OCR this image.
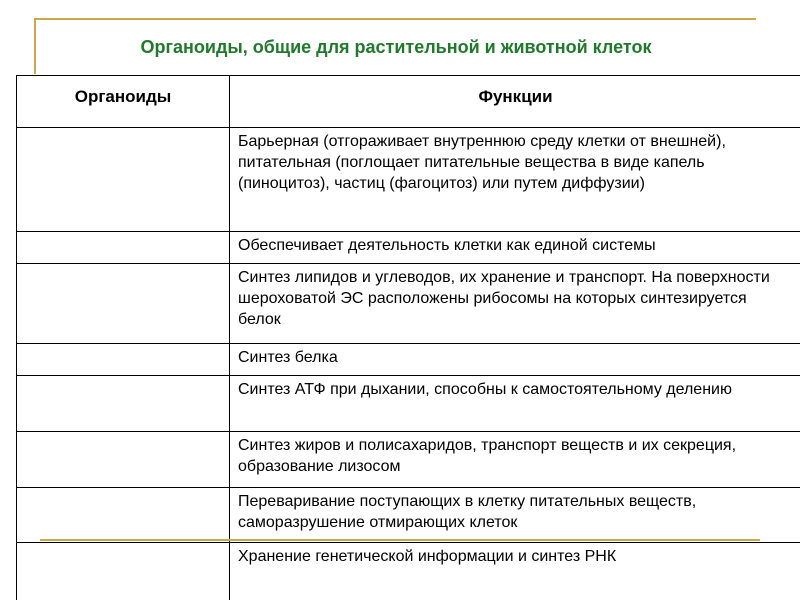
Органоиды, общие для растительной и животной клеток
Органоиды	Функции
	Барьерная (отгораживает внутреннюю среду клетки от внешней), питательная (поглощает питательные вещества в виде капель (пиноцитоз), частиц (фагоцитоз) или путем диффузии)
	Обеспечивает деятельность клетки как единой системы
	Синтез липидов и углеводов, их хранение и транспорт. На поверхности шероховатой ЭС расположены рибосомы на которых синтезируется белок
	Синтез белка
	Синтез АТФ при дыхании, способны к самостоятельному делению
	Синтез жиров и полисахаридов, транспорт веществ и их секреция, образование лизосом
	Переваривание поступающих в клетку питательных веществ, саморазрушение отмирающих клеток
	Хранение генетической информации и синтез РНК
